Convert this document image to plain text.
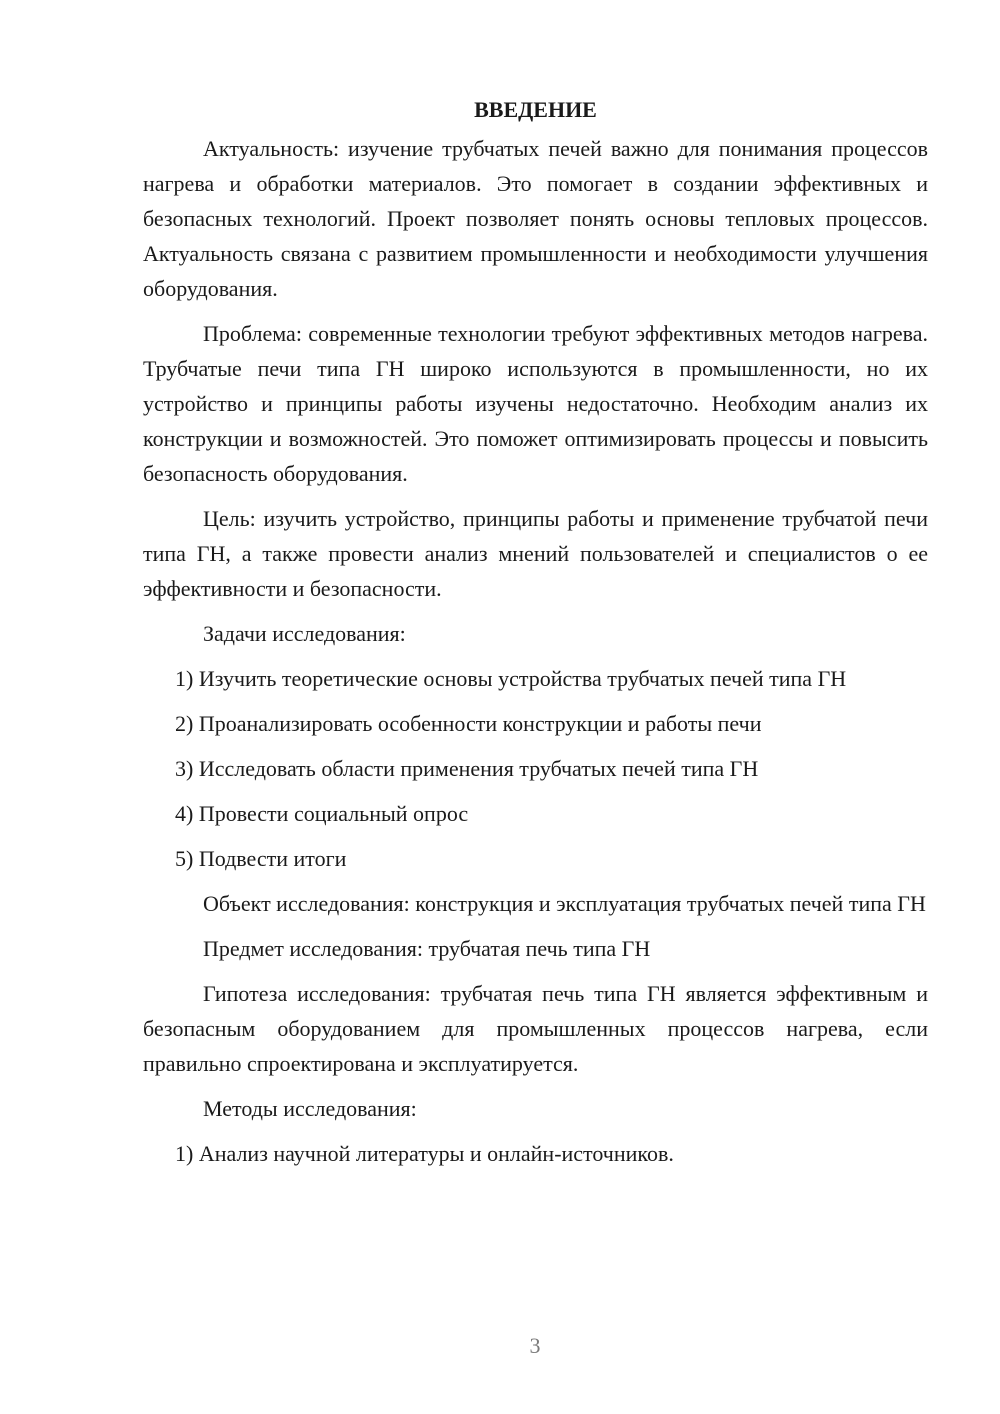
ВВЕДЕНИЕ

Актуальность: изучение трубчатых печей важно для понимания процессов нагрева и обработки материалов. Это помогает в создании эффективных и безопасных технологий. Проект позволяет понять основы тепловых процессов. Актуальность связана с развитием промышленности и необходимости улучшения оборудования.

Проблема: современные технологии требуют эффективных методов нагрева. Трубчатые печи типа ГН широко используются в промышленности, но их устройство и принципы работы изучены недостаточно. Необходим анализ их конструкции и возможностей. Это поможет оптимизировать процессы и повысить безопасность оборудования.

Цель: изучить устройство, принципы работы и применение трубчатой печи типа ГН, а также провести анализ мнений пользователей и специалистов о ее эффективности и безопасности.

Задачи исследования:

1) Изучить теоретические основы устройства трубчатых печей типа ГН

2) Проанализировать особенности конструкции и работы печи

3) Исследовать области применения трубчатых печей типа ГН

4) Провести социальный опрос

5) Подвести итоги

Объект исследования: конструкция и эксплуатация трубчатых печей типа ГН

Предмет исследования: трубчатая печь типа ГН

Гипотеза исследования: трубчатая печь типа ГН является эффективным и безопасным оборудованием для промышленных процессов нагрева, если правильно спроектирована и эксплуатируется.

Методы исследования:

1) Анализ научной литературы и онлайн-источников.

3
